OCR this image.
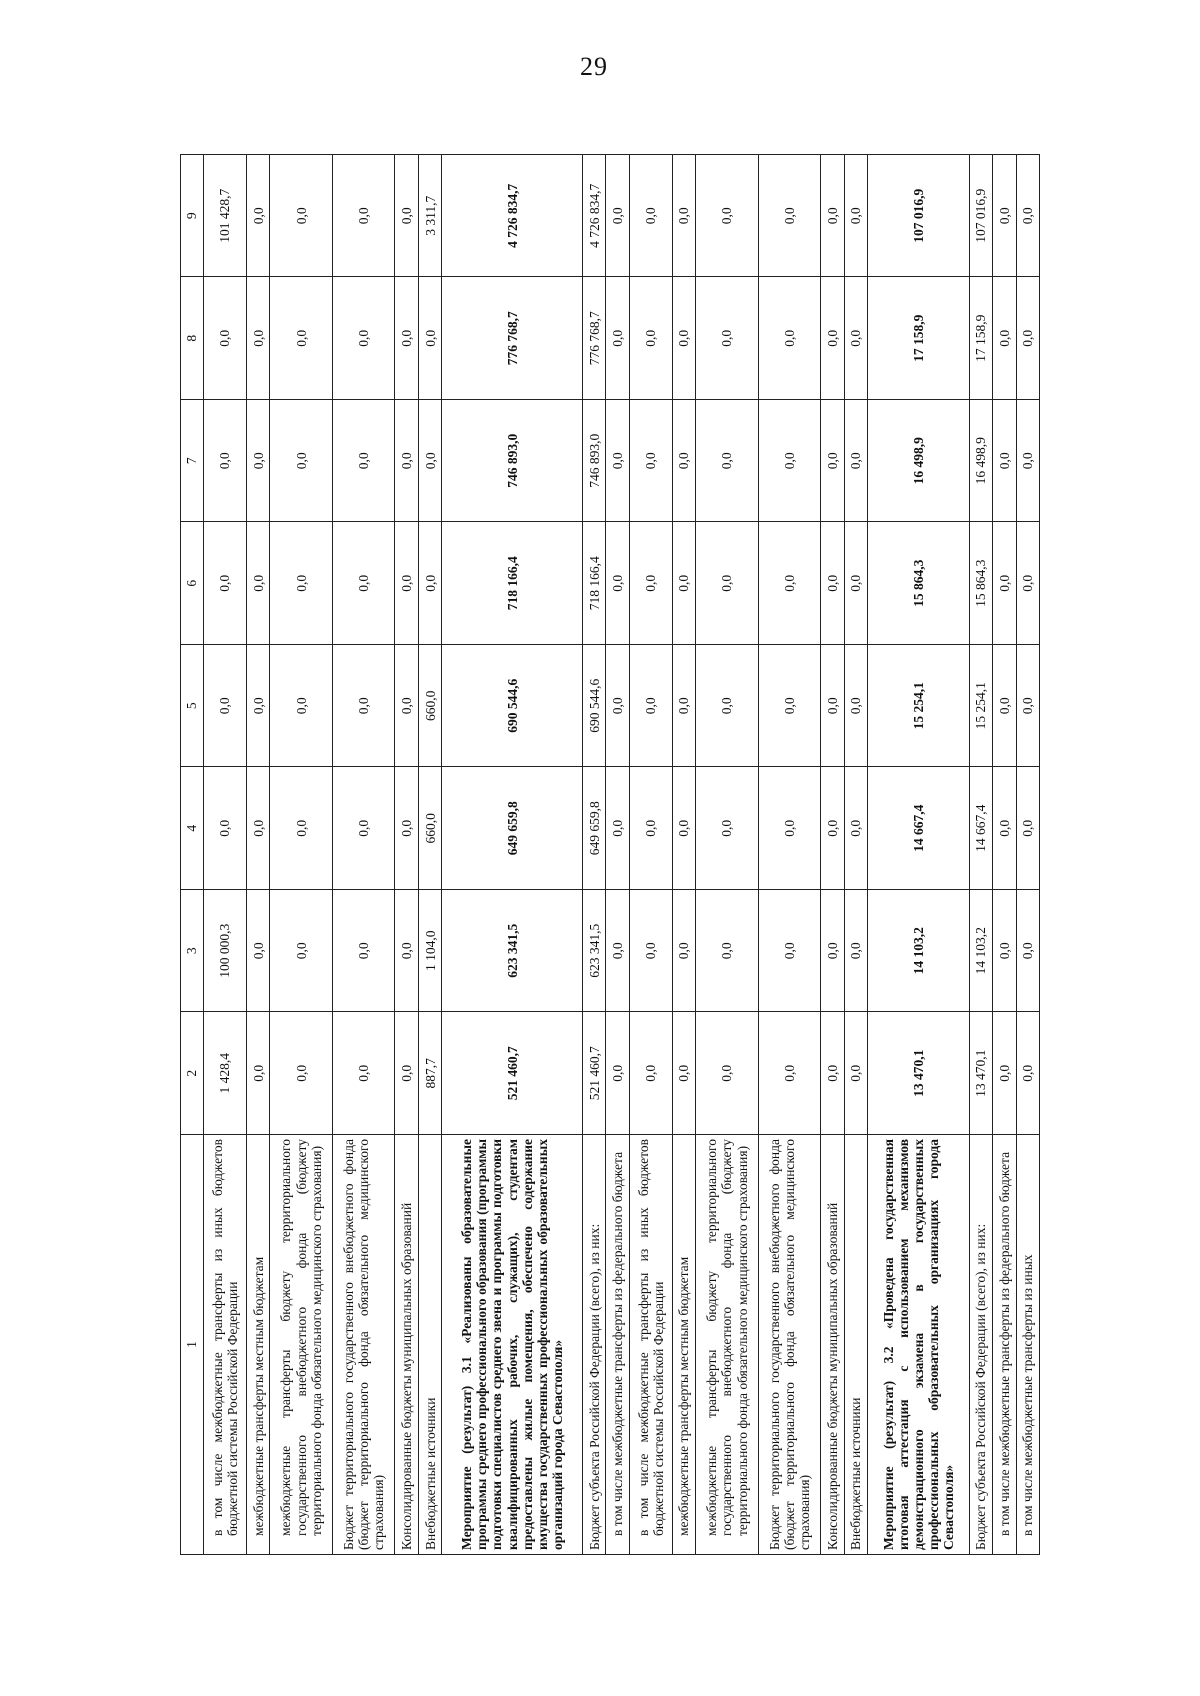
29
1	2	3	4	5	6	7	8	9
в том числе межбюджетные трансферты из иных бюджетов бюджетной системы Российской Федерации	1 428,4	100 000,3	0,0	0,0	0,0	0,0	0,0	101 428,7
межбюджетные трансферты местным бюджетам	0,0	0,0	0,0	0,0	0,0	0,0	0,0	0,0
межбюджетные трансферты бюджету территориального государственного внебюджетного фонда (бюджету территориального фонда обязательного медицинского страхования)	0,0	0,0	0,0	0,0	0,0	0,0	0,0	0,0
Бюджет территориального государственного внебюджетного фонда (бюджет территориального фонда обязательного медицинского страхования)	0,0	0,0	0,0	0,0	0,0	0,0	0,0	0,0
Консолидированные бюджеты муниципальных образований	0,0	0,0	0,0	0,0	0,0	0,0	0,0	0,0
Внебюджетные источники	887,7	1 104,0	660,0	660,0	0,0	0,0	0,0	3 311,7
Мероприятие (результат) 3.1 «Реализованы образовательные программы среднего профессионального образования (программы подготовки специалистов среднего звена и программы подготовки квалифицированных рабочих, служащих), студентам предоставлены жилые помещения, обеспечено содержание имущества государственных профессиональных образовательных организаций города Севастополя»	521 460,7	623 341,5	649 659,8	690 544,6	718 166,4	746 893,0	776 768,7	4 726 834,7
Бюджет субъекта Российской Федерации (всего), из них:	521 460,7	623 341,5	649 659,8	690 544,6	718 166,4	746 893,0	776 768,7	4 726 834,7
в том числе межбюджетные трансферты из федерального бюджета	0,0	0,0	0,0	0,0	0,0	0,0	0,0	0,0
в том числе межбюджетные трансферты из иных бюджетов бюджетной системы Российской Федерации	0,0	0,0	0,0	0,0	0,0	0,0	0,0	0,0
межбюджетные трансферты местным бюджетам	0,0	0,0	0,0	0,0	0,0	0,0	0,0	0,0
межбюджетные трансферты бюджету территориального государственного внебюджетного фонда (бюджету территориального фонда обязательного медицинского страхования)	0,0	0,0	0,0	0,0	0,0	0,0	0,0	0,0
Бюджет территориального государственного внебюджетного фонда (бюджет территориального фонда обязательного медицинского страхования)	0,0	0,0	0,0	0,0	0,0	0,0	0,0	0,0
Консолидированные бюджеты муниципальных образований	0,0	0,0	0,0	0,0	0,0	0,0	0,0	0,0
Внебюджетные источники	0,0	0,0	0,0	0,0	0,0	0,0	0,0	0,0
Мероприятие (результат) 3.2 «Проведена государственная итоговая аттестация с использованием механизмов демонстрационного экзамена в государственных профессиональных образовательных организациях города Севастополя»	13 470,1	14 103,2	14 667,4	15 254,1	15 864,3	16 498,9	17 158,9	107 016,9
Бюджет субъекта Российской Федерации (всего), из них:	13 470,1	14 103,2	14 667,4	15 254,1	15 864,3	16 498,9	17 158,9	107 016,9
в том числе межбюджетные трансферты из федерального бюджета	0,0	0,0	0,0	0,0	0,0	0,0	0,0	0,0
в том числе межбюджетные трансферты из иных	0,0	0,0	0,0	0,0	0,0	0,0	0,0	0,0
